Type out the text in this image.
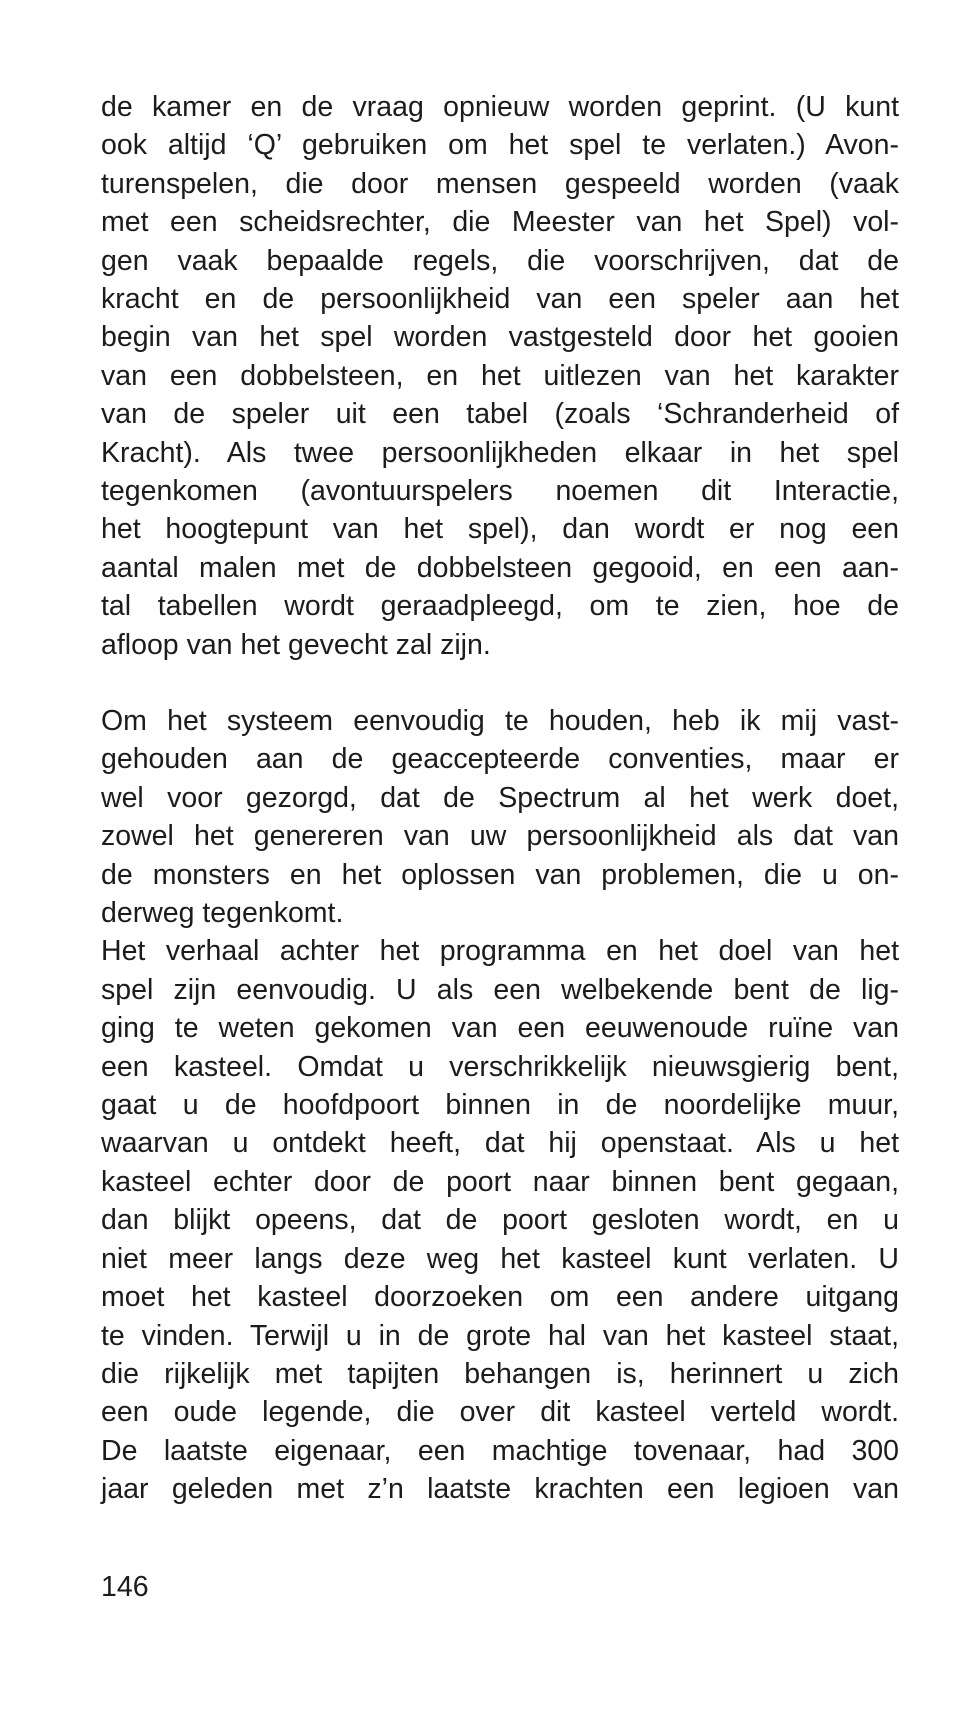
de kamer en de vraag opnieuw worden geprint. (U kunt
ook altijd ‘Q’ gebruiken om het spel te verlaten.) Avon-
turenspelen, die door mensen gespeeld worden (vaak
met een scheidsrechter, die Meester van het Spel) vol-
gen vaak bepaalde regels, die voorschrijven, dat de
kracht en de persoonlijkheid van een speler aan het
begin van het spel worden vastgesteld door het gooien
van een dobbelsteen, en het uitlezen van het karakter
van de speler uit een tabel (zoals ‘Schranderheid of
Kracht). Als twee persoonlijkheden elkaar in het spel
tegenkomen (avontuurspelers noemen dit Interactie,
het hoogtepunt van het spel), dan wordt er nog een
aantal malen met de dobbelsteen gegooid, en een aan-
tal tabellen wordt geraadpleegd, om te zien, hoe de
afloop van het gevecht zal zijn.
Om het systeem eenvoudig te houden, heb ik mij vast-
gehouden aan de geaccepteerde conventies, maar er
wel voor gezorgd, dat de Spectrum al het werk doet,
zowel het genereren van uw persoonlijkheid als dat van
de monsters en het oplossen van problemen, die u on-
derweg tegenkomt.
Het verhaal achter het programma en het doel van het
spel zijn eenvoudig. U als een welbekende bent de lig-
ging te weten gekomen van een eeuwenoude ruïne van
een kasteel. Omdat u verschrikkelijk nieuwsgierig bent,
gaat u de hoofdpoort binnen in de noordelijke muur,
waarvan u ontdekt heeft, dat hij openstaat. Als u het
kasteel echter door de poort naar binnen bent gegaan,
dan blijkt opeens, dat de poort gesloten wordt, en u
niet meer langs deze weg het kasteel kunt verlaten. U
moet het kasteel doorzoeken om een andere uitgang
te vinden. Terwijl u in de grote hal van het kasteel staat,
die rijkelijk met tapijten behangen is, herinnert u zich
een oude legende, die over dit kasteel verteld wordt.
De laatste eigenaar, een machtige tovenaar, had 300
jaar geleden met z’n laatste krachten een legioen van
146
